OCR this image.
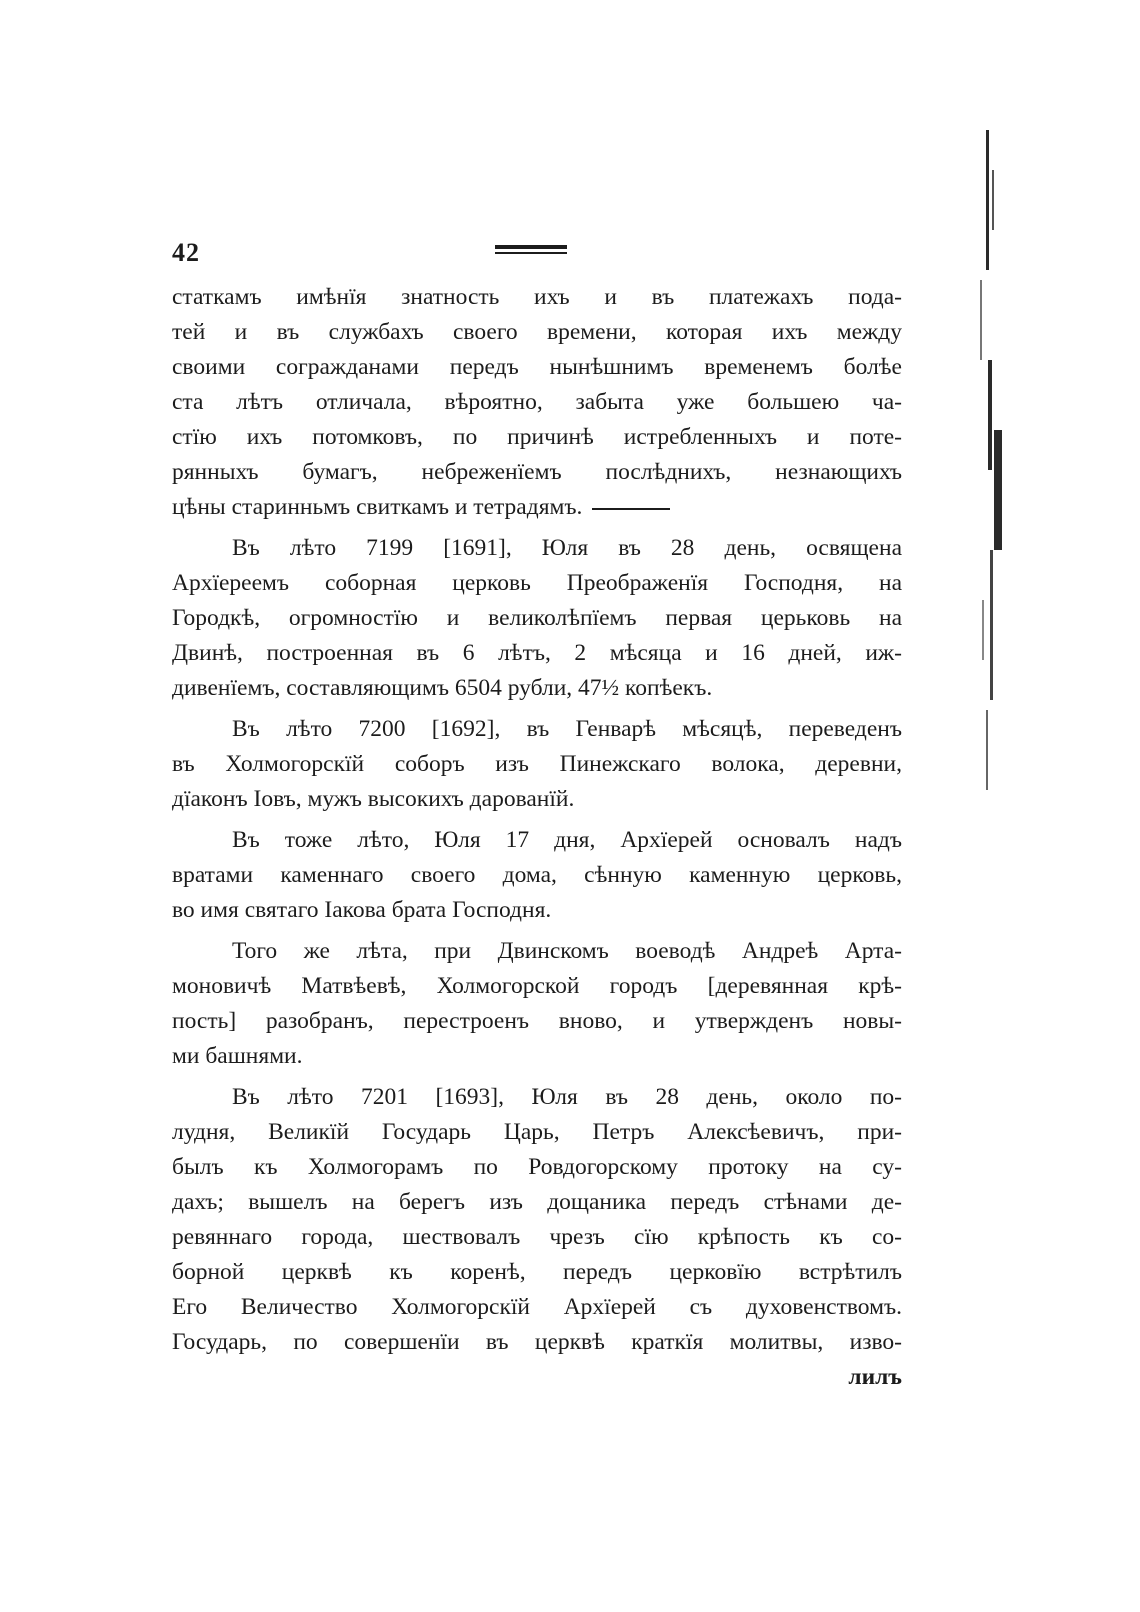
42
статкамъ имѣнїя знатность ихъ и въ платежахъ пода-
тей и въ службахъ своего времени, которая ихъ между
своими согражданами передъ нынѣшнимъ временемъ болѣе
ста лѣтъ отличала, вѣроятно, забыта уже большею ча-
стїю ихъ потомковъ, по причинѣ истребленныхъ и поте-
рянныхъ бумагъ, небреженїемъ послѣднихъ, незнающихъ
цѣны старинньмъ свиткамъ и тетрадямъ.
Въ лѣто 7199 [1691], Юля въ 28 день, освящена
Архїереемъ соборная церковь Преображенїя Господня, на
Городкѣ, огромностїю и великолѣпїемъ первая церьковь на
Двинѣ, построенная въ 6 лѣтъ, 2 мѣсяца и 16 дней, иж-
дивенїемъ, составляющимъ 6504 рубли, 47½ копѣекъ.
Въ лѣто 7200 [1692], въ Генварѣ мѣсяцѣ, переведенъ
въ Холмогорскїй соборъ изъ Пинежскаго волока, деревни,
дїаконъ Іовъ, мужъ высокихъ дарованїй.
Въ тоже лѣто, Юля 17 дня, Архїерей основалъ надъ
вратами каменнаго своего дома, сѣнную каменную церковь,
во имя святаго Іакова брата Господня.
Того же лѣта, при Двинскомъ воеводѣ Андреѣ Арта-
моновичѣ Матвѣевѣ, Холмогорской городъ [деревянная крѣ-
пость] разобранъ, перестроенъ вново, и утвержденъ новы-
ми башнями.
Въ лѣто 7201 [1693], Юля въ 28 день, около по-
лудня, Великїй Государь Царь, Петръ Алексѣевичъ, при-
былъ къ Холмогорамъ по Ровдогорскому протоку на су-
дахъ; вышелъ на берегъ изъ дощаника передъ стѣнами де-
ревяннаго города, шествовалъ чрезъ сїю крѣпость къ со-
борной церквѣ къ коренѣ, передъ церковїю встрѣтилъ
Его Величество Холмогорскїй Архїерей съ духовенствомъ.
Государь, по совершенїи въ церквѣ краткїя молитвы, изво-
лилъ
